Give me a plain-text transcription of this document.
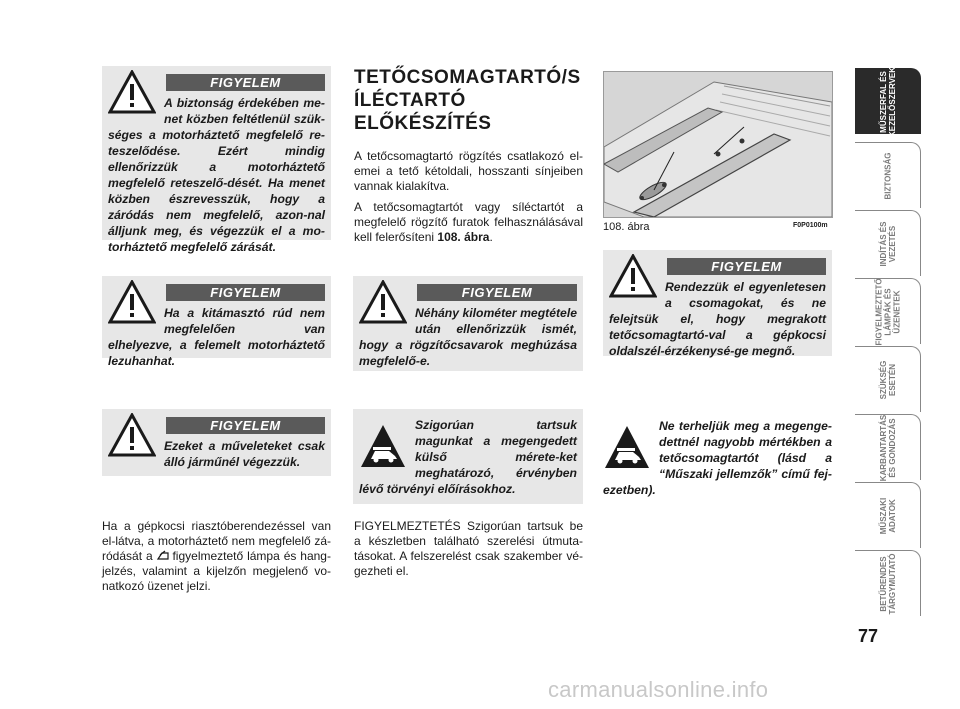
FIGYELEM
A biztonság érdekében me-net közben feltétlenül szük-séges a motorháztető megfelelő re-teszelődése. Ezért mindig ellenőrizzük a motorháztető megfelelő reteszelő-dését. Ha menet közben észrevesszük, hogy a záródás nem megfelelő, azon-nal álljunk meg, és végezzük el a mo-torháztető megfelelő zárását.
FIGYELEM
Ha a kitámasztó rúd nem megfelelően van elhelyezve, a felemelt motorháztető lezuhanhat.
FIGYELEM
Ezeket a műveleteket csak álló járműnél végezzük.
Ha a gépkocsi riasztóberendezéssel van el-látva, a motorháztető nem megfelelő zá-ródását a figyelmeztető lámpa és hang-jelzés, valamint a kijelzőn megjelenő vo-natkozó üzenet jelzi.
TETŐCSOMAGTARTÓ/S ÍLÉCTARTÓ ELŐKÉSZÍTÉS
A tetőcsomagtartó rögzítés csatlakozó el-emei a tető kétoldali, hosszanti sínjeiben vannak kialakítva.
A tetőcsomagtartót vagy síléctartót a megfelelő rögzítő furatok felhasználásával kell felerősíteni 108. ábra.
FIGYELEM
Néhány kilométer megtétele után ellenőrizzük ismét, hogy a rögzítőcsavarok meghúzása megfelelő-e.
Szigorúan tartsuk magunkat a megengedett külső mérete-ket meghatározó, érvényben lévő törvényi előírásokhoz.
FIGYELMEZTETÉS Szigorúan tartsuk be a készletben található szerelési útmuta-tásokat. A felszerelést csak szakember vé-gezheti el.
108. ábra	F0P0100m
FIGYELEM
Rendezzük el egyenletesen a csomagokat, és ne felejtsük el, hogy megrakott tetőcsomagtartó-val a gépkocsi oldalszél-érzékenysé-ge megnő.
Ne terheljük meg a megenge-dettnél nagyobb mértékben a tetőcsomagtartót (lásd a “Műszaki jellemzők” című fej-ezetben).
MŰSZERFAL ÉS
KEZELŐSZERVEK
BIZTONSÁG
INDÍTÁS ÉS
VEZETÉS
FIGYELMEZTETŐ
LÁMPÁK ÉS
ÜZENETEK
SZÜKSÉG
ESETÉN
KARBANTARTÁS
ÉS GONDOZÁS
MŰSZAKI
ADATOK
BETŰRENDES
TÁRGYMUTATÓ
77
carmanualsonline.info
